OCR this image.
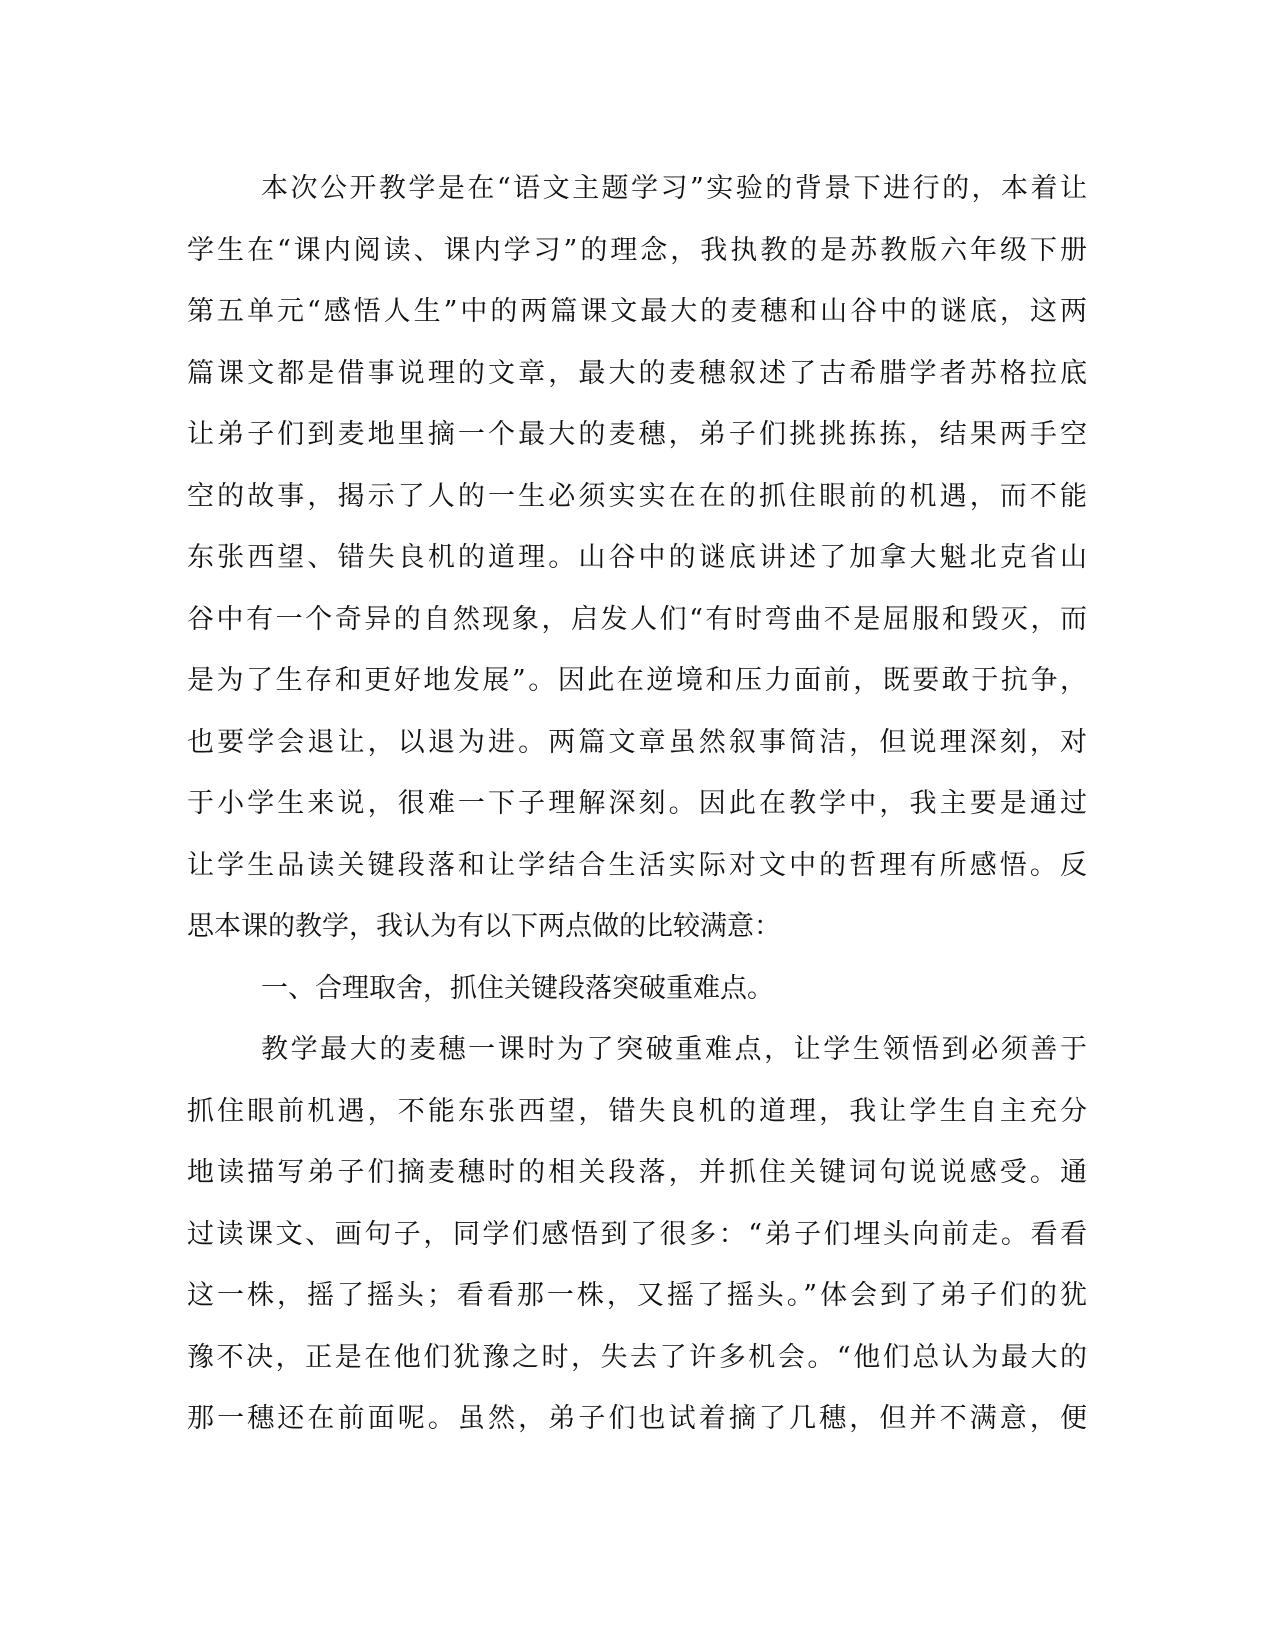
本次公开教学是在“语文主题学习”实验的背景下进行的，本着让
学生在“课内阅读、课内学习”的理念，我执教的是苏教版六年级下册
第五单元“感悟人生”中的两篇课文最大的麦穗和山谷中的谜底，这两
篇课文都是借事说理的文章，最大的麦穗叙述了古希腊学者苏格拉底
让弟子们到麦地里摘一个最大的麦穗，弟子们挑挑拣拣，结果两手空
空的故事，揭示了人的一生必须实实在在的抓住眼前的机遇，而不能
东张西望、错失良机的道理。山谷中的谜底讲述了加拿大魁北克省山
谷中有一个奇异的自然现象，启发人们“有时弯曲不是屈服和毁灭，而
是为了生存和更好地发展”。因此在逆境和压力面前，既要敢于抗争，
也要学会退让，以退为进。两篇文章虽然叙事简洁，但说理深刻，对
于小学生来说，很难一下子理解深刻。因此在教学中，我主要是通过
让学生品读关键段落和让学结合生活实际对文中的哲理有所感悟。反
思本课的教学，我认为有以下两点做的比较满意：
一、合理取舍，抓住关键段落突破重难点。
教学最大的麦穗一课时为了突破重难点，让学生领悟到必须善于
抓住眼前机遇，不能东张西望，错失良机的道理，我让学生自主充分
地读描写弟子们摘麦穗时的相关段落，并抓住关键词句说说感受。通
过读课文、画句子，同学们感悟到了很多：“弟子们埋头向前走。看看
这一株，摇了摇头；看看那一株，又摇了摇头。”体会到了弟子们的犹
豫不决，正是在他们犹豫之时，失去了许多机会。“他们总认为最大的
那一穗还在前面呢。虽然，弟子们也试着摘了几穗，但并不满意，便
